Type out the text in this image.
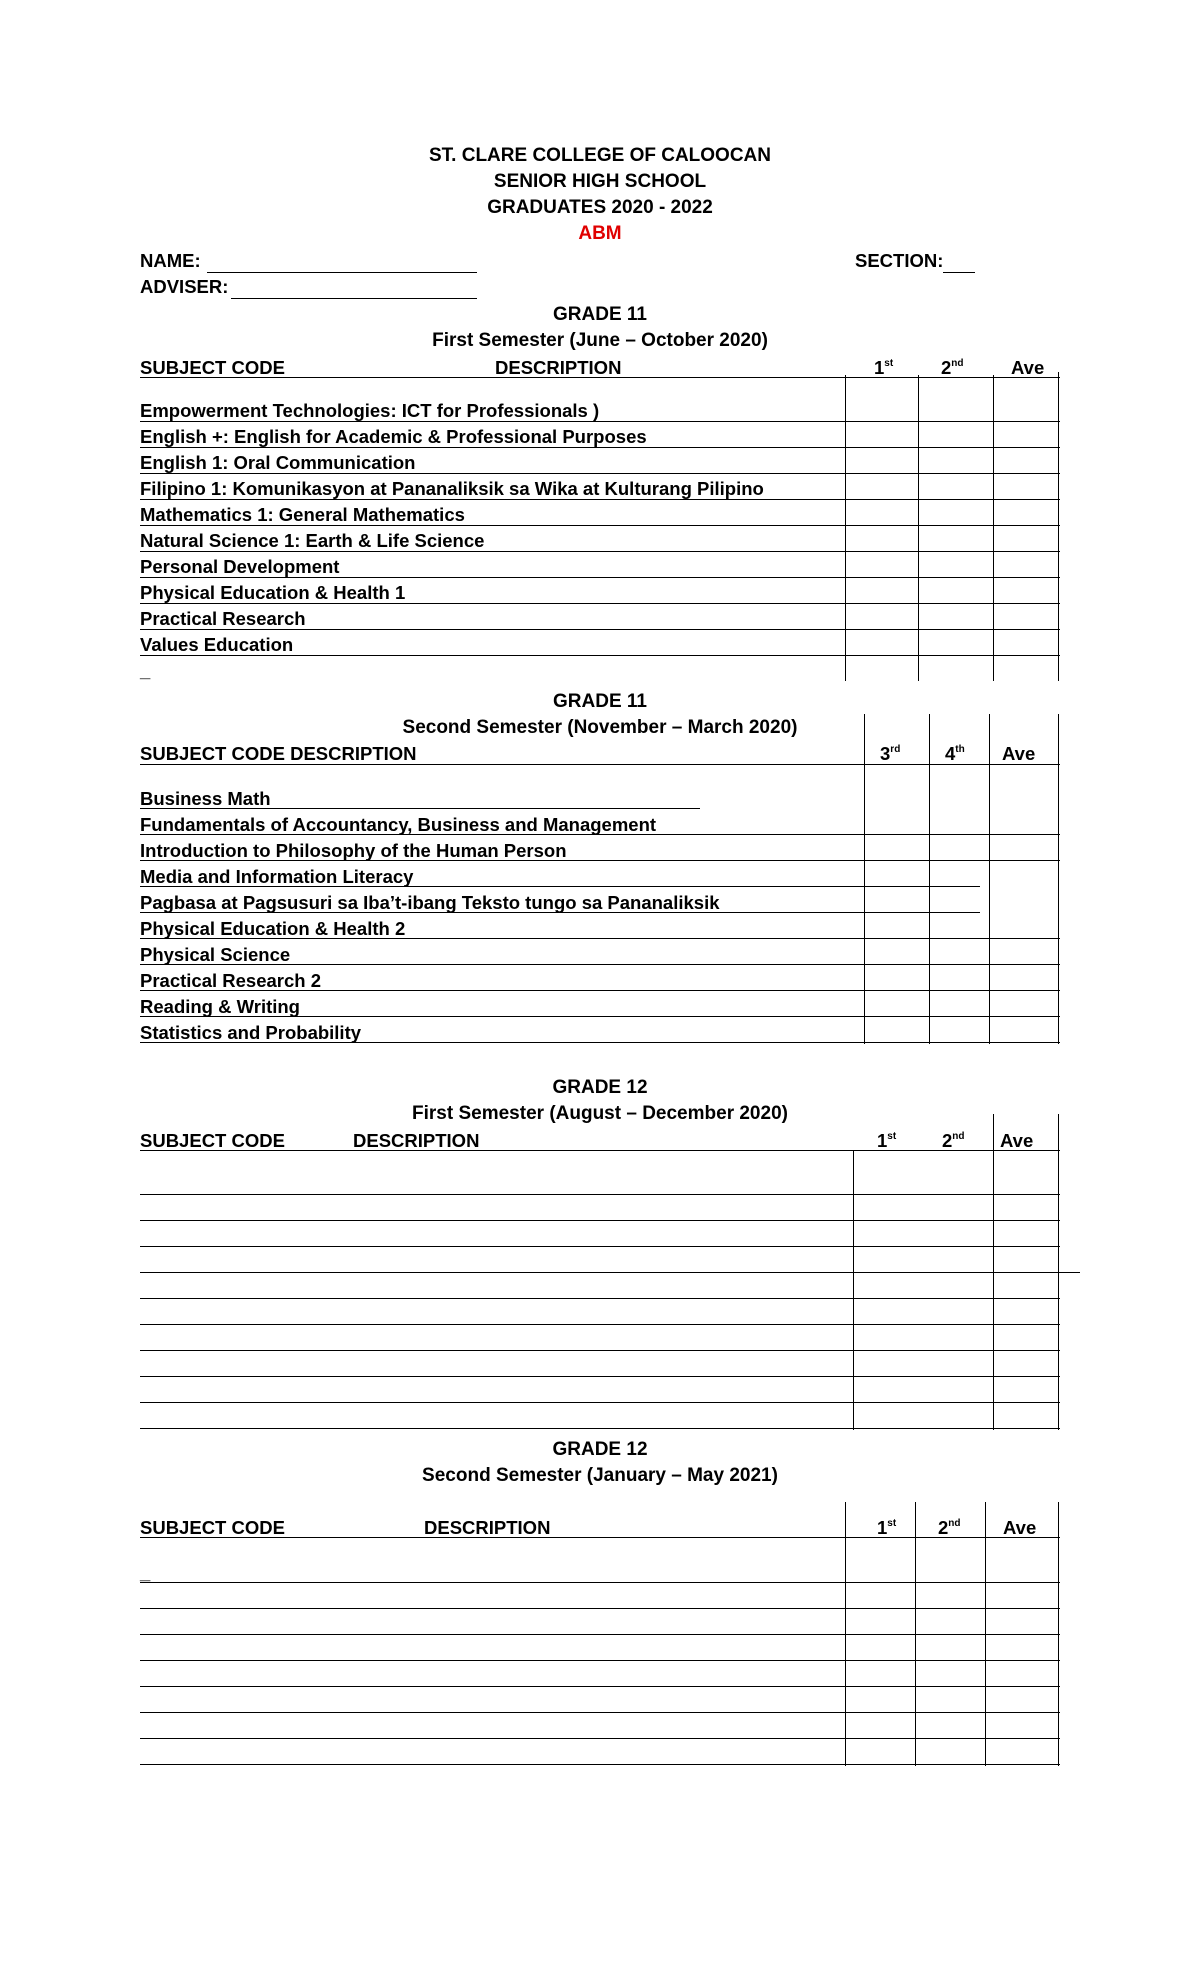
ST. CLARE COLLEGE OF CALOOCAN
SENIOR HIGH SCHOOL
GRADUATES 2020 - 2022
ABM
NAME:	SECTION:
ADVISER:
GRADE 11
First Semester (June – October 2020)
SUBJECT CODE	DESCRIPTION	1st	2nd	Ave
Empowerment Technologies: ICT for Professionals )
English +: English for Academic & Professional Purposes
English 1: Oral Communication
Filipino 1: Komunikasyon at Pananaliksik sa Wika at Kulturang Pilipino
Mathematics 1: General Mathematics
Natural Science 1: Earth & Life Science
Personal Development
Physical Education & Health 1
Practical Research
Values Education
_
GRADE 11
Second Semester (November – March 2020)
SUBJECT CODE DESCRIPTION	3rd 4th Ave
Business Math
Fundamentals of Accountancy, Business and Management
Introduction to Philosophy of the Human Person
Media and Information Literacy
Pagbasa at Pagsusuri sa Iba’t-ibang Teksto tungo sa Pananaliksik
Physical Education & Health 2
Physical Science
Practical Research 2
Reading & Writing
Statistics and Probability
GRADE 12
First Semester (August – December 2020)
SUBJECT CODE	DESCRIPTION	1st 2nd Ave
GRADE 12
Second Semester (January – May 2021)
SUBJECT CODE	DESCRIPTION	1st 2nd Ave
_
